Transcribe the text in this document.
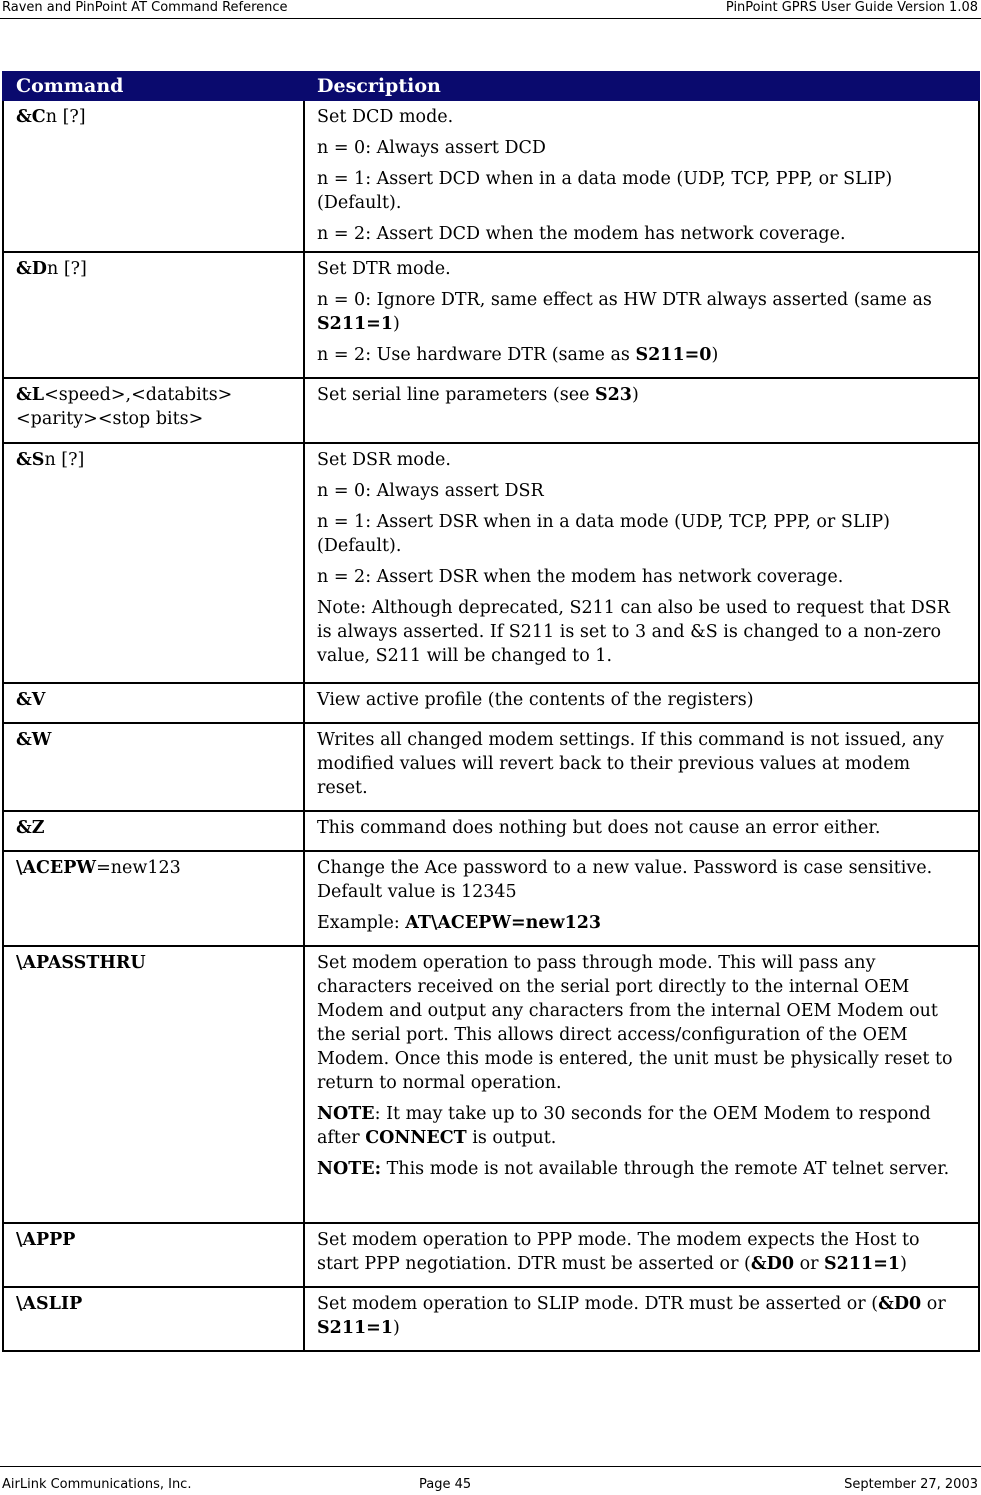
Raven and PinPoint AT Command Reference	PinPoint GPRS User Guide Version 1.08
Command	Description
&Cn [?]	Set DCD mode.

n = 0: Always assert DCD

n = 1: Assert DCD when in a data mode (UDP, TCP, PPP, or SLIP) (Default).

n = 2: Assert DCD when the modem has network coverage.

&Dn [?]	Set DTR mode.

n = 0: Ignore DTR, same effect as HW DTR always asserted (same as S211=1)

n = 2: Use hardware DTR (same as S211=0)

&L<speed>,<databits> <parity><stop bits>	Set serial line parameters (see S23)

&Sn [?]	Set DSR mode.

n = 0: Always assert DSR

n = 1: Assert DSR when in a data mode (UDP, TCP, PPP, or SLIP) (Default).

n = 2: Assert DSR when the modem has network coverage.

Note: Although deprecated, S211 can also be used to request that DSR is always asserted. If S211 is set to 3 and &S is changed to a non-zero value, S211 will be changed to 1.

&V	View active profile (the contents of the registers)

&W	Writes all changed modem settings. If this command is not issued, any modified values will revert back to their previous values at modem reset.

&Z	This command does nothing but does not cause an error either.

\ACEPW=new123	Change the Ace password to a new value. Password is case sensitive. Default value is 12345

Example: AT\ACEPW=new123

\APASSTHRU	Set modem operation to pass through mode. This will pass any characters received on the serial port directly to the internal OEM Modem and output any characters from the internal OEM Modem out the serial port. This allows direct access/configuration of the OEM Modem. Once this mode is entered, the unit must be physically reset to return to normal operation.

NOTE: It may take up to 30 seconds for the OEM Modem to respond after CONNECT is output.

NOTE: This mode is not available through the remote AT telnet server.

\APPP	Set modem operation to PPP mode. The modem expects the Host to start PPP negotiation. DTR must be asserted or (&D0 or S211=1)

\ASLIP	Set modem operation to SLIP mode. DTR must be asserted or (&D0 or S211=1)

AirLink Communications, Inc.	Page 45	September 27, 2003
